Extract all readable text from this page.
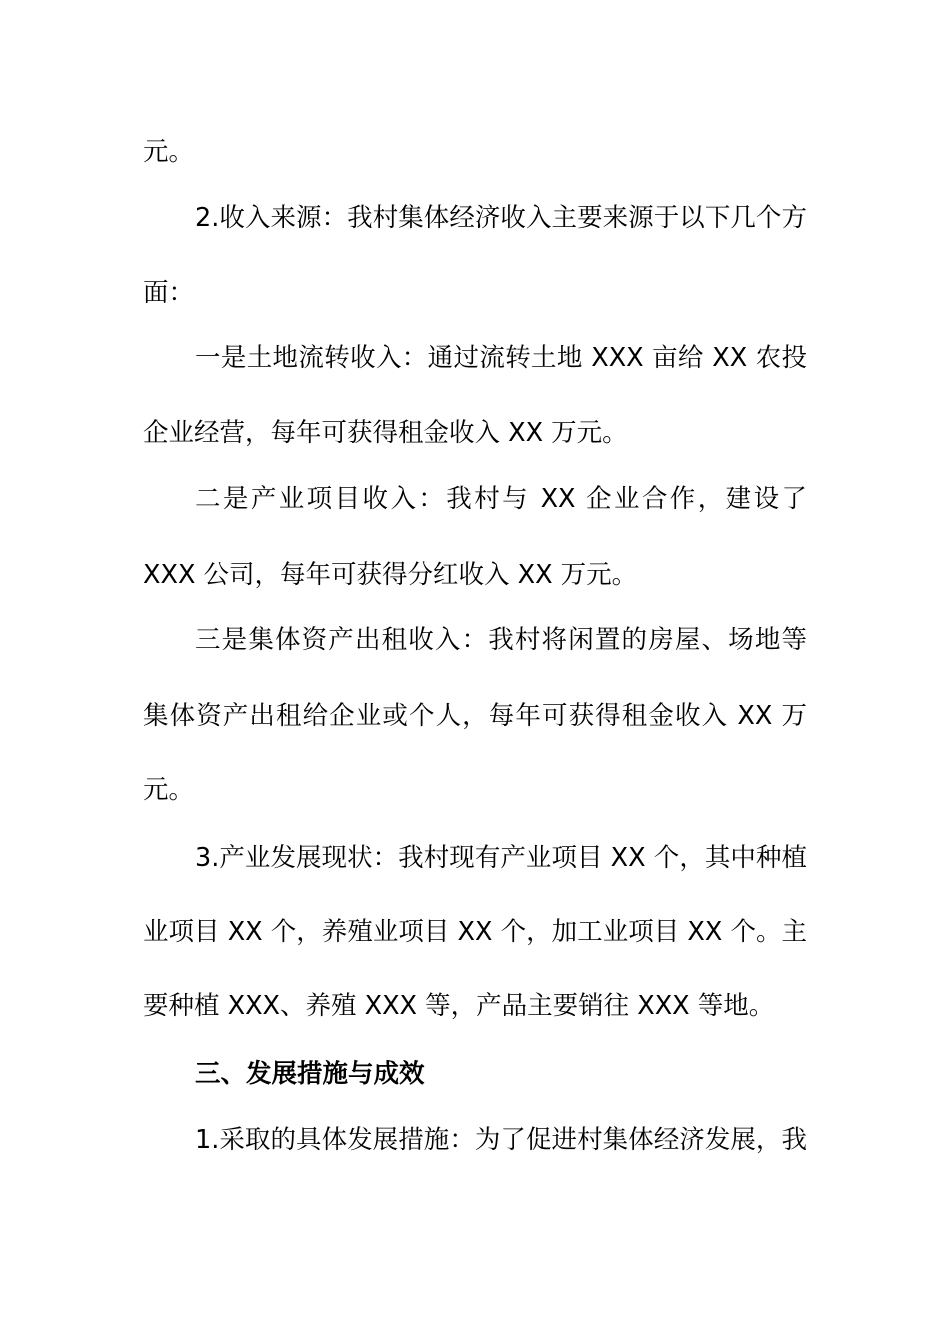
元。
2.收入来源：我村集体经济收入主要来源于以下几个方
面：
一是土地流转收入：通过流转土地 XXX 亩给 XX 农投
企业经营，每年可获得租金收入 XX 万元。
二是产业项目收入：我村与 XX 企业合作，建设了
XXX 公司，每年可获得分红收入 XX 万元。
三是集体资产出租收入：我村将闲置的房屋、场地等
集体资产出租给企业或个人，每年可获得租金收入 XX 万
元。
3.产业发展现状：我村现有产业项目 XX 个，其中种植
业项目 XX 个，养殖业项目 XX 个，加工业项目 XX 个。主
要种植 XXX、养殖 XXX 等，产品主要销往 XXX 等地。
三、发展措施与成效
1.采取的具体发展措施：为了促进村集体经济发展，我
